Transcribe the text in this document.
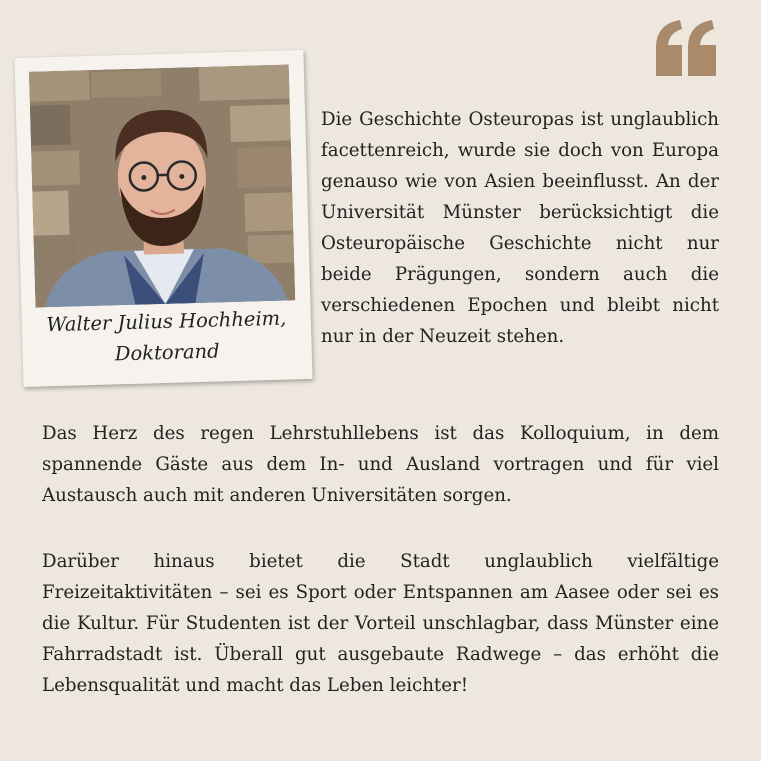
Walter Julius Hochheim,
Doktorand

Die Geschichte Osteuropas ist unglaublich facettenreich, wurde sie doch von Europa genauso wie von Asien beeinflusst. An der Universität Münster berücksichtigt die Osteuropäische Geschichte nicht nur beide Prägungen, sondern auch die verschiedenen Epochen und bleibt nicht nur in der Neuzeit stehen.

Das Herz des regen Lehrstuhllebens ist das Kolloquium, in dem spannende Gäste aus dem In- und Ausland vortragen und für viel Austausch auch mit anderen Universitäten sorgen.

Darüber hinaus bietet die Stadt unglaublich vielfältige Freizeitaktivitäten – sei es Sport oder Entspannen am Aasee oder sei es die Kultur. Für Studenten ist der Vorteil unschlagbar, dass Münster eine Fahrradstadt ist. Überall gut ausgebaute Radwege – das erhöht die Lebensqualität und macht das Leben leichter!
